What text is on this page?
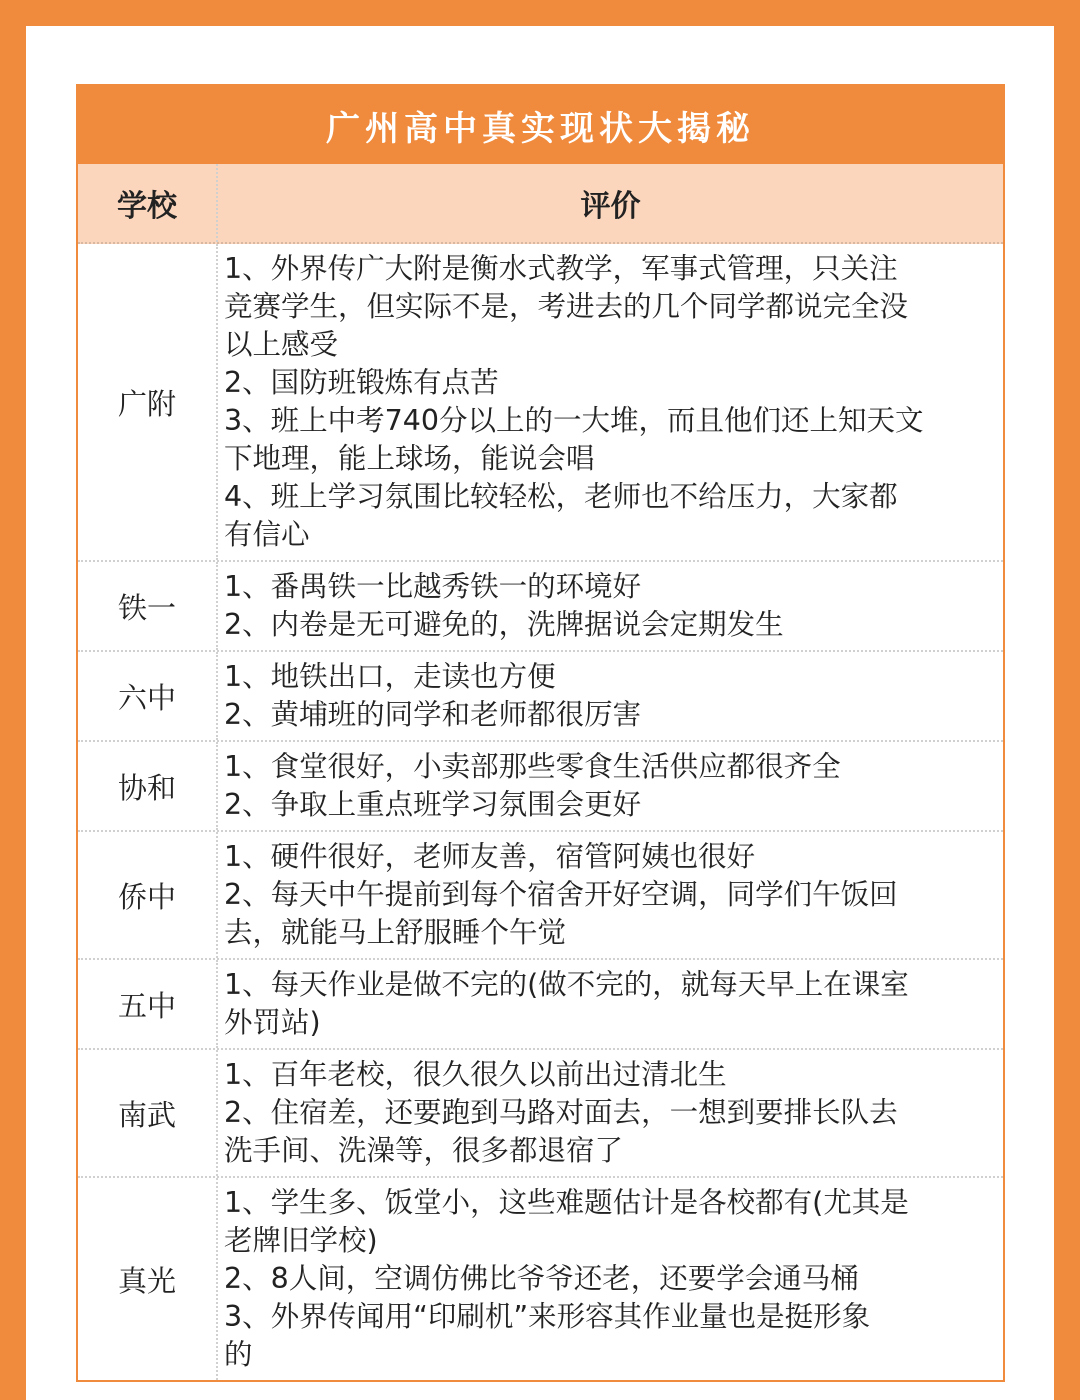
广州高中真实现状大揭秘
学校	评价
广附
1、外界传广大附是衡水式教学，军事式管理，只关注
竞赛学生，但实际不是，考进去的几个同学都说完全没
以上感受
2、国防班锻炼有点苦
3、班上中考740分以上的一大堆，而且他们还上知天文
下地理，能上球场，能说会唱
4、班上学习氛围比较轻松，老师也不给压力，大家都
有信心
铁一
1、番禺铁一比越秀铁一的环境好
2、内卷是无可避免的，洗牌据说会定期发生
六中
1、地铁出口，走读也方便
2、黄埔班的同学和老师都很厉害
协和
1、食堂很好，小卖部那些零食生活供应都很齐全
2、争取上重点班学习氛围会更好
侨中
1、硬件很好，老师友善，宿管阿姨也很好
2、每天中午提前到每个宿舍开好空调，同学们午饭回
去，就能马上舒服睡个午觉
五中
1、每天作业是做不完的(做不完的，就每天早上在课室
外罚站)
南武
1、百年老校，很久很久以前出过清北生
2、住宿差，还要跑到马路对面去，一想到要排长队去
洗手间、洗澡等，很多都退宿了
真光
1、学生多、饭堂小，这些难题估计是各校都有(尤其是
老牌旧学校)
2、8人间，空调仿佛比爷爷还老，还要学会通马桶
3、外界传闻用“印刷机”来形容其作业量也是挺形象
的
